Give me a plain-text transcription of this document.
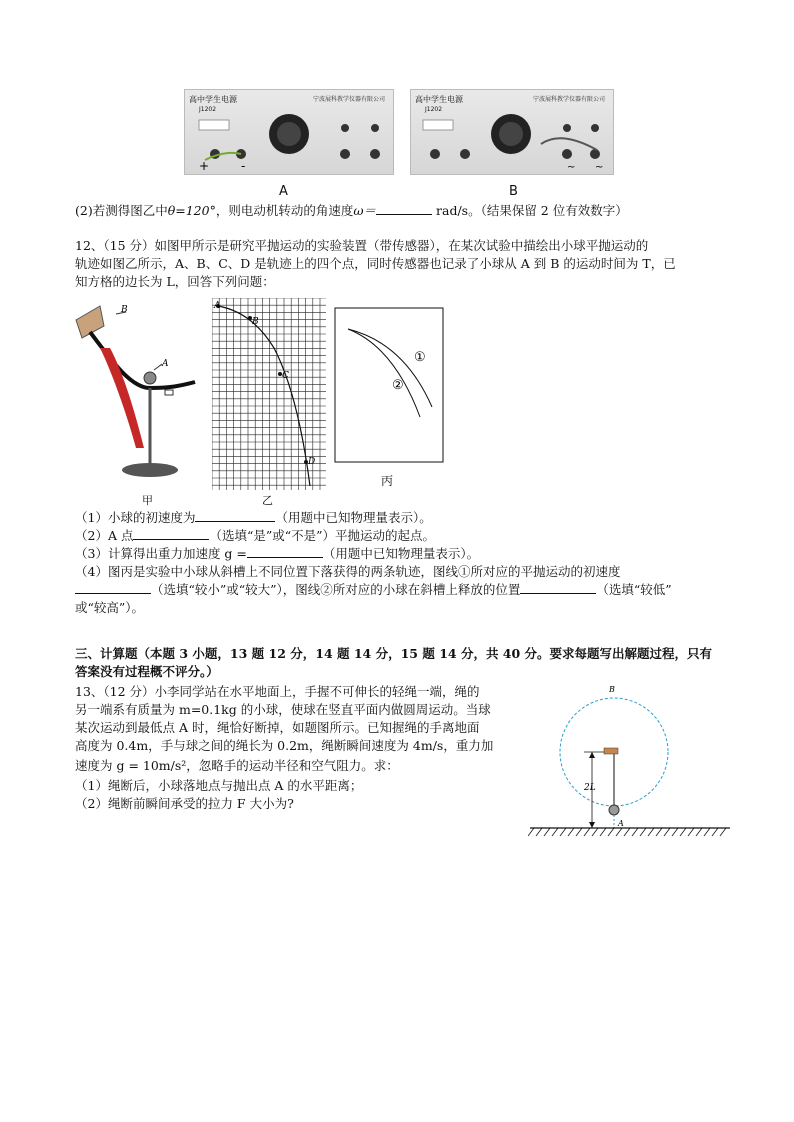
高中学生电源	宁波展科教学仪器有限公司
J1202
+	-
A
高中学生电源	宁波展科教学仪器有限公司
J1202
~ ~
B
(2)若测得图乙中θ=120°，则电动机转动的角速度ω＝	rad/s。（结果保留 2 位有效数字）
12、（15 分）如图甲所示是研究平抛运动的实验装置（带传感器），在某次试验中描绘出小球平抛运动的
轨迹如图乙所示，A、B、C、D 是轨迹上的四个点，同时传感器也记录了小球从 A 到 B 的运动时间为 T，已
知方格的边长为 L，回答下列问题：
B
A
甲
A
B
C
D
乙
①
②
丙
（1）小球的初速度为	（用题中已知物理量表示）。
（2）A 点	（选填“是”或“不是”）平抛运动的起点。
（3）计算得出重力加速度 g =	（用题中已知物理量表示）。
（4）图丙是实验中小球从斜槽上不同位置下落获得的两条轨迹，图线①所对应的平抛运动的初速度
（选填“较小”或“较大”），图线②所对应的小球在斜槽上释放的位置	（选填“较低”
或“较高”）。
三、计算题（本题 3 小题，13 题 12 分，14 题 14 分，15 题 14 分，共 40 分。要求每题写出解题过程，只有
答案没有过程概不评分。）
13、（12 分）小李同学站在水平地面上，手握不可伸长的轻绳一端，绳的
另一端系有质量为 m=0.1kg 的小球，使球在竖直平面内做圆周运动。当球
某次运动到最低点 A 时，绳恰好断掉，如题图所示。已知握绳的手离地面
高度为 0.4m，手与球之间的绳长为 0.2m，绳断瞬间速度为 4m/s，重力加
速度为 g = 10m/s²，忽略手的运动半径和空气阻力。求：
（1）绳断后，小球落地点与抛出点 A 的水平距离；
（2）绳断前瞬间承受的拉力 F 大小为?
2L
A
B
